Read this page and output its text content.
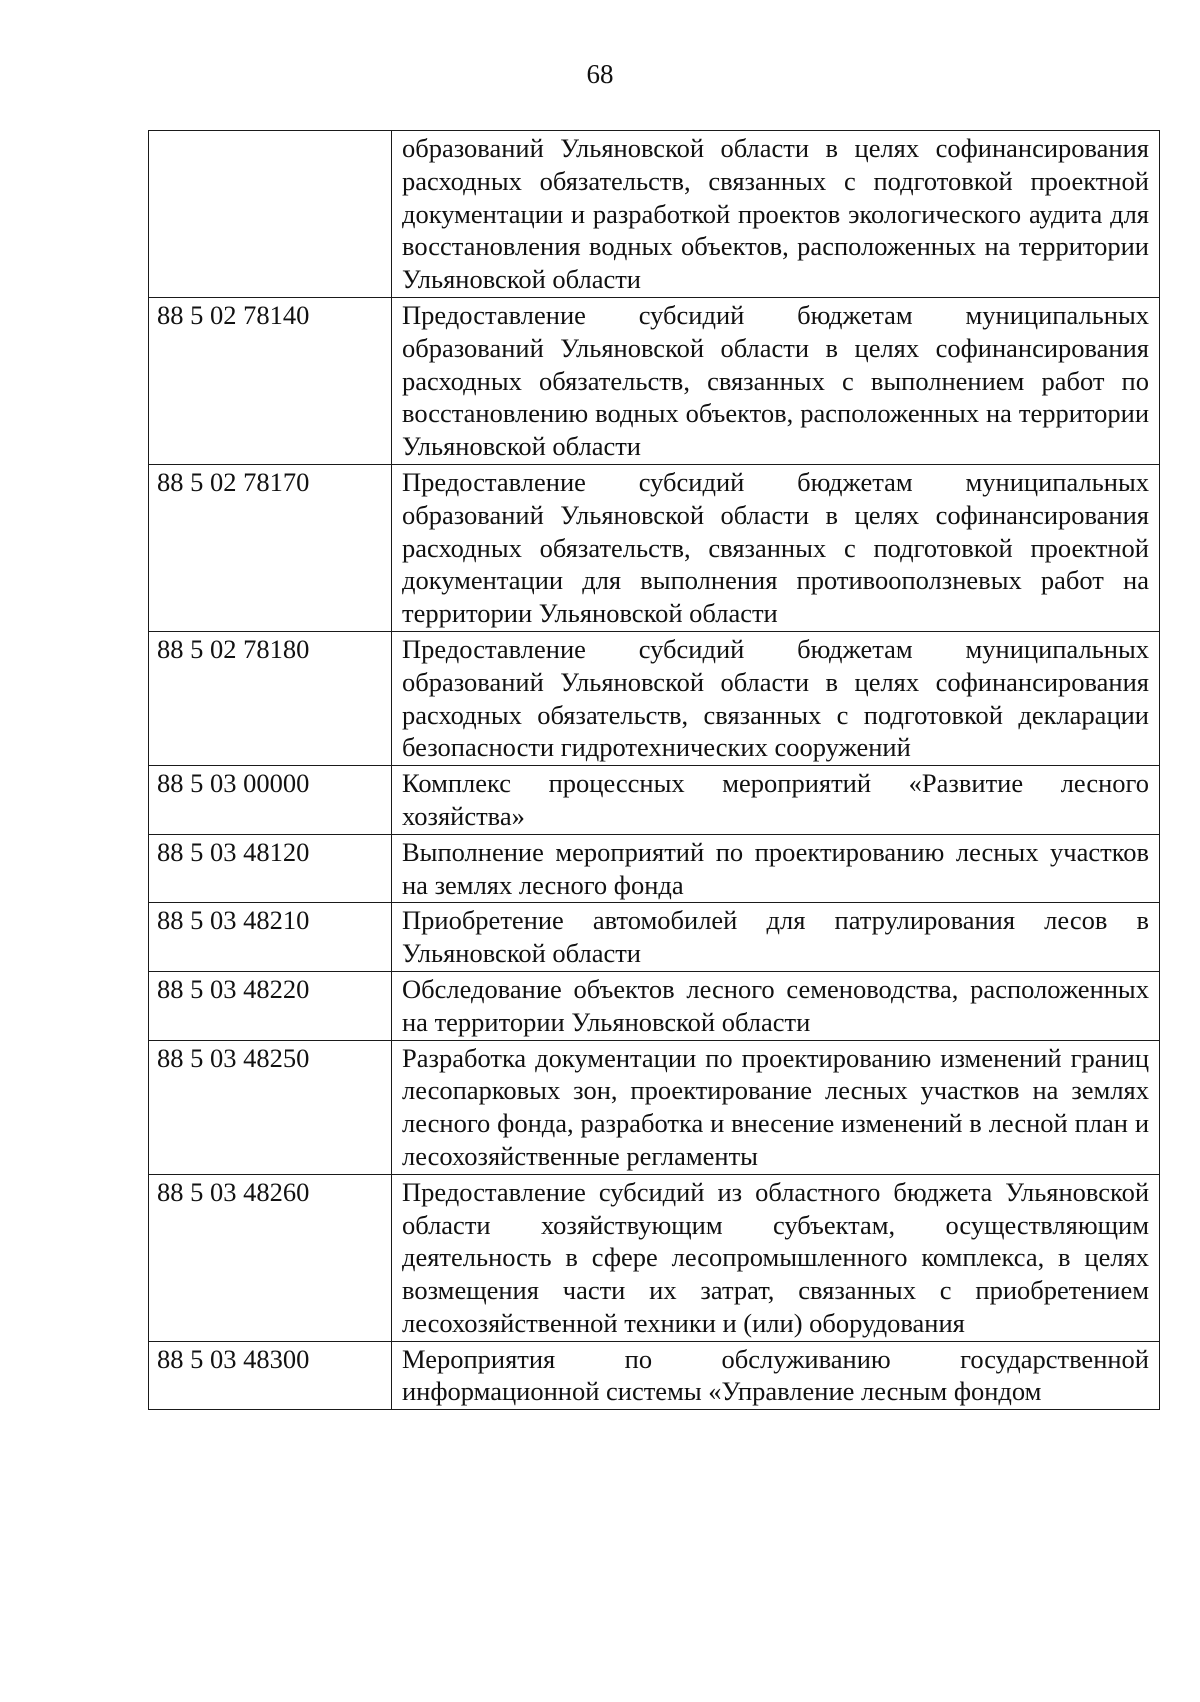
68
	образований Ульяновской области в целях софинансирования расходных обязательств, связанных с подготовкой проектной документации и разработкой проектов экологического аудита для восстановления водных объектов, расположенных на территории Ульяновской области
88 5 02 78140	Предоставление субсидий бюджетам муниципальных образований Ульяновской области в целях софинансирования расходных обязательств, связанных с выполнением работ по восстановлению водных объектов, расположенных на территории Ульяновской области
88 5 02 78170	Предоставление субсидий бюджетам муниципальных образований Ульяновской области в целях софинансирования расходных обязательств, связанных с подготовкой проектной документации для выполнения противооползневых работ на территории Ульяновской области
88 5 02 78180	Предоставление субсидий бюджетам муниципальных образований Ульяновской области в целях софинансирования расходных обязательств, связанных с подготовкой декларации безопасности гидротехнических сооружений
88 5 03 00000	Комплекс процессных мероприятий «Развитие лесного хозяйства»
88 5 03 48120	Выполнение мероприятий по проектированию лесных участков на землях лесного фонда
88 5 03 48210	Приобретение автомобилей для патрулирования лесов в Ульяновской области
88 5 03 48220	Обследование объектов лесного семеноводства, расположенных на территории Ульяновской области
88 5 03 48250	Разработка документации по проектированию изменений границ лесопарковых зон, проектирование лесных участков на землях лесного фонда, разработка и внесение изменений в лесной план и лесохозяйственные регламенты
88 5 03 48260	Предоставление субсидий из областного бюджета Ульяновской области хозяйствующим субъектам, осуществляющим деятельность в сфере лесопромышленного комплекса, в целях возмещения части их затрат, связанных с приобретением лесохозяйственной техники и (или) оборудования
88 5 03 48300	Мероприятия по обслуживанию государственной информационной системы «Управление лесным фондом
